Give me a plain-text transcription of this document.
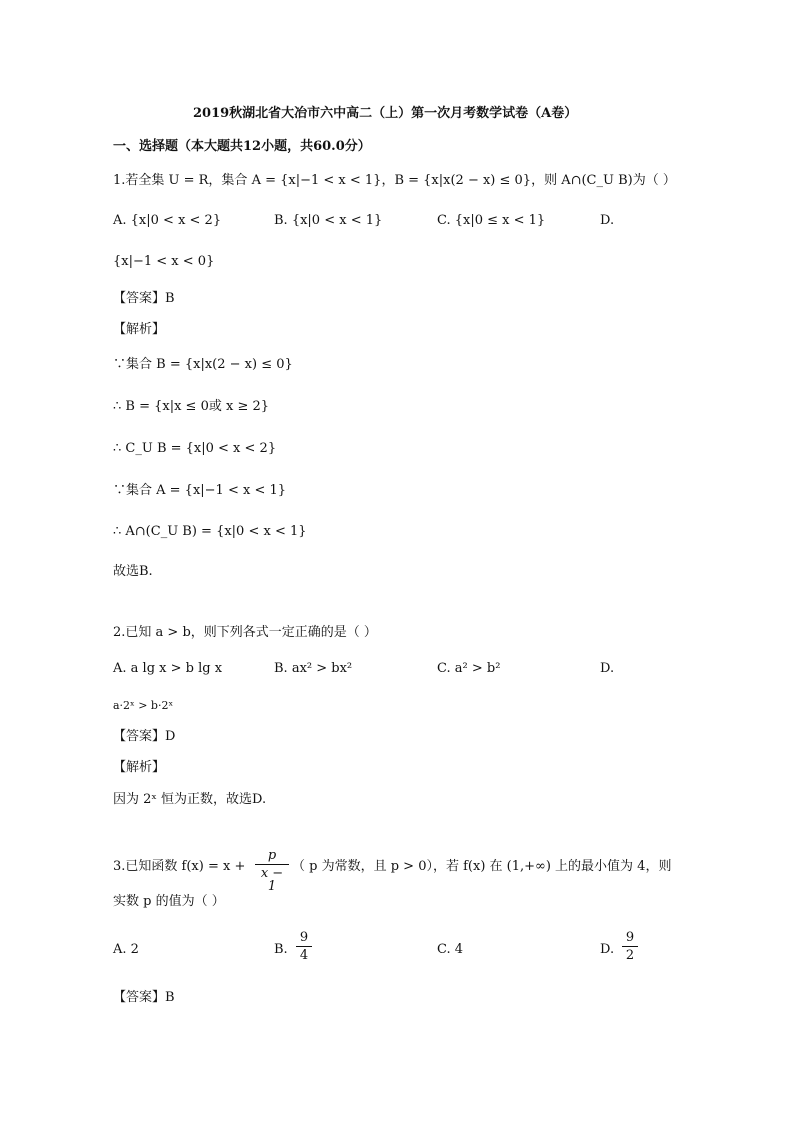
2019秋湖北省大冶市六中高二（上）第一次月考数学试卷（A卷）
一、选择题（本大题共12小题，共60.0分）
1.若全集 U = R，集合 A = {x|−1 < x < 1}，B = {x|x(2 − x) ≤ 0}，则 A∩(C_U B)为（ ）
A. {x|0 < x < 2}	B. {x|0 < x < 1}	C. {x|0 ≤ x < 1}	D.
{x|−1 < x < 0}
【答案】B
【解析】
∵集合 B = {x|x(2 − x) ≤ 0}
∴ B = {x|x ≤ 0或 x ≥ 2}
∴ C_U B = {x|0 < x < 2}
∵集合 A = {x|−1 < x < 1}
∴ A∩(C_U B) = {x|0 < x < 1}
故选B.
2.已知 a > b，则下列各式一定正确的是（ ）
A. a lg x > b lg x	B. ax² > bx²	C. a² > b²	D.
a·2ˣ > b·2ˣ
【答案】D
【解析】
因为 2ˣ 恒为正数，故选D.
3.已知函数 f(x) = x +
p
x − 1
（ p 为常数，且 p > 0），若 f(x) 在 (1,+∞) 上的最小值为 4，则
实数 p 的值为（ ）
A. 2	B.
9
4	C. 4	D.
9
2
【答案】B
